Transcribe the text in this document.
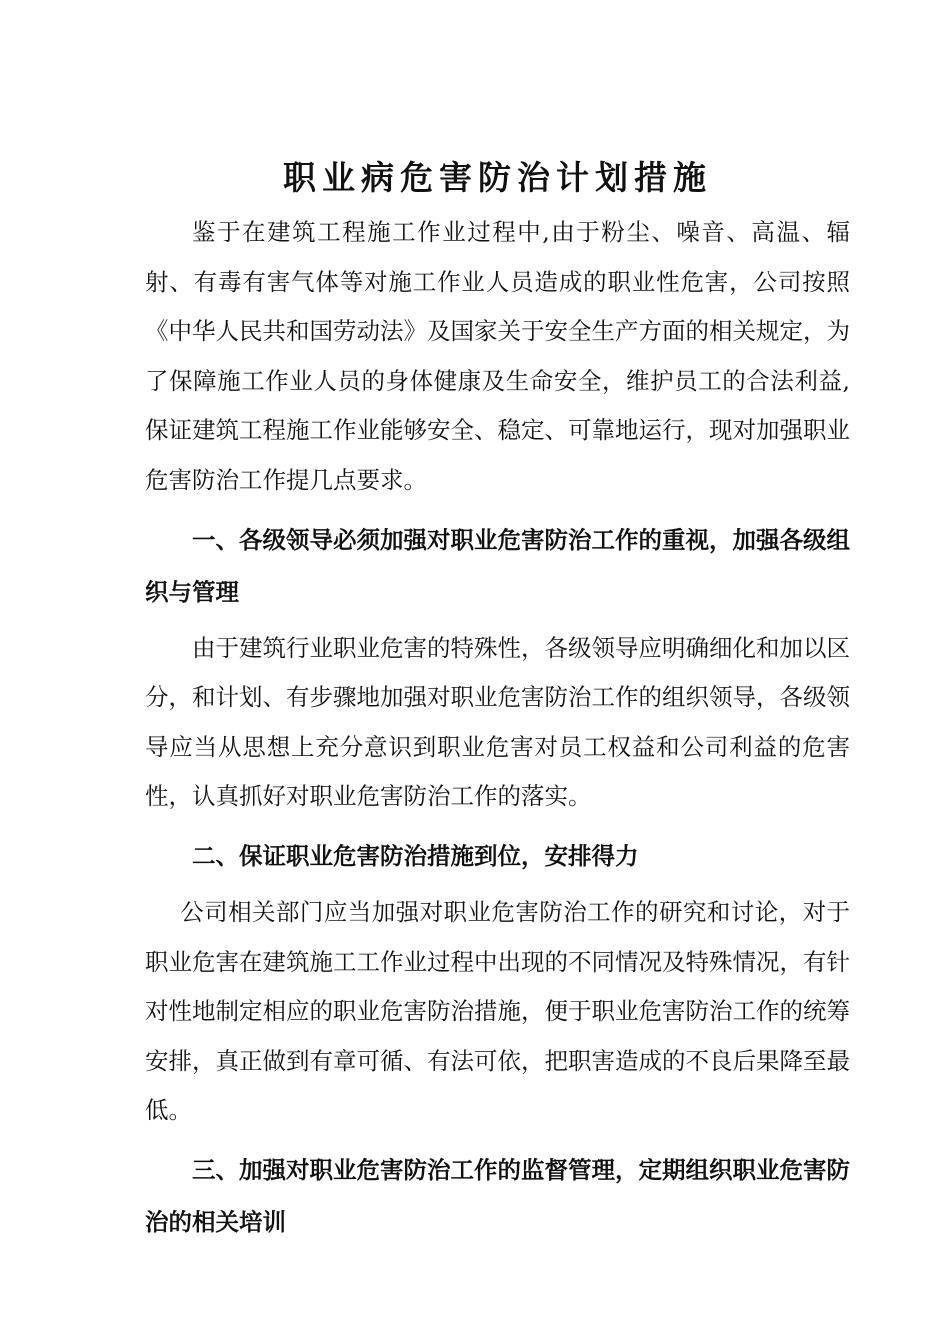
职业病危害防治计划措施

鉴于在建筑工程施工作业过程中,由于粉尘、噪音、高温、辐射、有毒有害气体等对施工作业人员造成的职业性危害，公司按照《中华人民共和国劳动法》及国家关于安全生产方面的相关规定，为了保障施工作业人员的身体健康及生命安全，维护员工的合法利益,保证建筑工程施工作业能够安全、稳定、可靠地运行，现对加强职业危害防治工作提几点要求。

一、各级领导必须加强对职业危害防治工作的重视，加强各级组织与管理

由于建筑行业职业危害的特殊性，各级领导应明确细化和加以区分，和计划、有步骤地加强对职业危害防治工作的组织领导，各级领导应当从思想上充分意识到职业危害对员工权益和公司利益的危害性，认真抓好对职业危害防治工作的落实。

二、保证职业危害防治措施到位，安排得力

公司相关部门应当加强对职业危害防治工作的研究和讨论，对于职业危害在建筑施工工作业过程中出现的不同情况及特殊情况，有针对性地制定相应的职业危害防治措施，便于职业危害防治工作的统筹安排，真正做到有章可循、有法可依，把职害造成的不良后果降至最低。

三、加强对职业危害防治工作的监督管理，定期组织职业危害防治的相关培训
